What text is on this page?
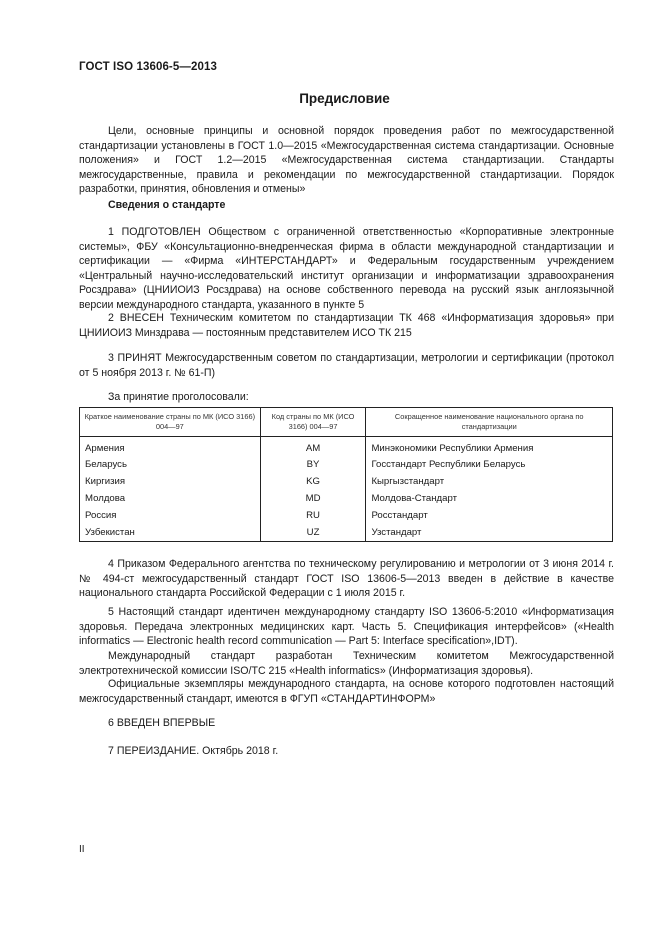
ГОСТ ISO 13606-5—2013
Предисловие
Цели, основные принципы и основной порядок проведения работ по межгосударственной стандартизации установлены в ГОСТ 1.0—2015 «Межгосударственная система стандартизации. Основные положения» и ГОСТ 1.2—2015 «Межгосударственная система стандартизации. Стандарты межгосударственные, правила и рекомендации по межгосударственной стандартизации. Порядок разработки, принятия, обновления и отмены»
Сведения о стандарте
1 ПОДГОТОВЛЕН Обществом с ограниченной ответственностью «Корпоративные электронные системы», ФБУ «Консультационно-внедренческая фирма в области международной стандартизации и сертификации — «Фирма «ИНТЕРСТАНДАРТ» и Федеральным государственным учреждением «Центральный научно-исследовательский институт организации и информатизации здравоохранения Росздрава» (ЦНИИОИЗ Росздрава) на основе собственного перевода на русский язык англоязычной версии международного стандарта, указанного в пункте 5
2 ВНЕСЕН Техническим комитетом по стандартизации ТК 468 «Информатизация здоровья» при ЦНИИОИЗ Минздрава — постоянным представителем ИСО ТК 215
3 ПРИНЯТ Межгосударственным советом по стандартизации, метрологии и сертификации (протокол от 5 ноября 2013 г. № 61-П)
За принятие проголосовали:
Краткое наименование страны по МК (ИСО 3166) 004—97	Код страны по МК (ИСО 3166) 004—97	Сокращенное наименование национального органа по стандартизации
Армения	AM	Минэкономики Республики Армения
Беларусь	BY	Госстандарт Республики Беларусь
Киргизия	KG	Кыргызстандарт
Молдова	MD	Молдова-Стандарт
Россия	RU	Росстандарт
Узбекистан	UZ	Узстандарт
4 Приказом Федерального агентства по техническому регулированию и метрологии от 3 июня 2014 г. № 494-ст межгосударственный стандарт ГОСТ ISO 13606-5—2013 введен в действие в качестве национального стандарта Российской Федерации с 1 июля 2015 г.
5 Настоящий стандарт идентичен международному стандарту ISO 13606-5:2010 «Информатизация здоровья. Передача электронных медицинских карт. Часть 5. Спецификация интерфейсов» («Health informatics — Electronic health record communication — Part 5: Interface specification»,IDT).
Международный стандарт разработан Техническим комитетом Межгосударственной электротехнической комиссии ISO/TC 215 «Health informatics» (Информатизация здоровья).
Официальные экземпляры международного стандарта, на основе которого подготовлен настоящий межгосударственный стандарт, имеются в ФГУП «СТАНДАРТИНФОРМ»
6 ВВЕДЕН ВПЕРВЫЕ
7 ПЕРЕИЗДАНИЕ. Октябрь 2018 г.
II
